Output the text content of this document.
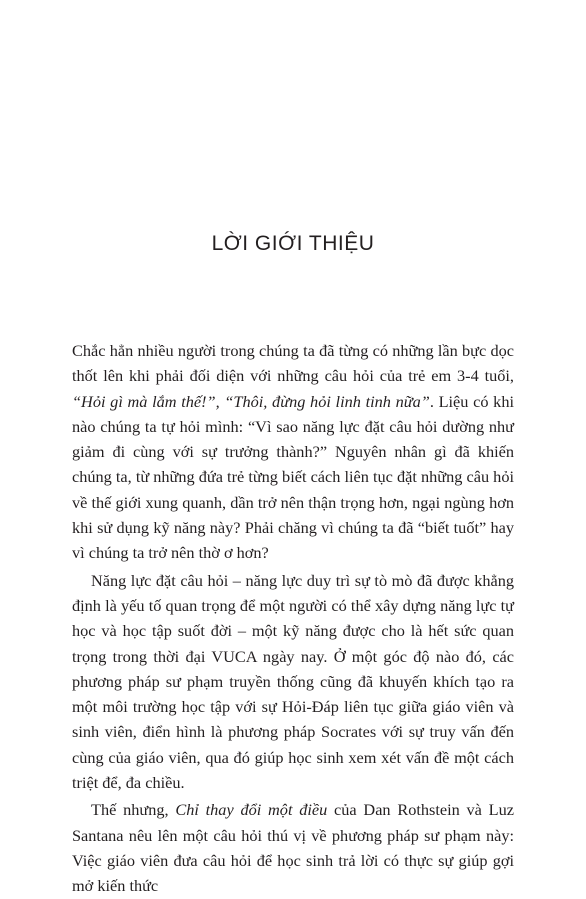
LỜI GIỚI THIỆU

Chắc hẳn nhiều người trong chúng ta đã từng có những lần bực dọc thốt lên khi phải đối diện với những câu hỏi của trẻ em 3-4 tuổi, “Hỏi gì mà lắm thế!”, “Thôi, đừng hỏi linh tinh nữa”. Liệu có khi nào chúng ta tự hỏi mình: “Vì sao năng lực đặt câu hỏi dường như giảm đi cùng với sự trưởng thành?” Nguyên nhân gì đã khiến chúng ta, từ những đứa trẻ từng biết cách liên tục đặt những câu hỏi về thế giới xung quanh, dần trở nên thận trọng hơn, ngại ngùng hơn khi sử dụng kỹ năng này? Phải chăng vì chúng ta đã “biết tuốt” hay vì chúng ta trở nên thờ ơ hơn?

Năng lực đặt câu hỏi – năng lực duy trì sự tò mò đã được khẳng định là yếu tố quan trọng để một người có thể xây dựng năng lực tự học và học tập suốt đời – một kỹ năng được cho là hết sức quan trọng trong thời đại VUCA ngày nay. Ở một góc độ nào đó, các phương pháp sư phạm truyền thống cũng đã khuyến khích tạo ra một môi trường học tập với sự Hỏi-Đáp liên tục giữa giáo viên và sinh viên, điển hình là phương pháp Socrates với sự truy vấn đến cùng của giáo viên, qua đó giúp học sinh xem xét vấn đề một cách triệt để, đa chiều.

Thế nhưng, Chỉ thay đổi một điều của Dan Rothstein và Luz Santana nêu lên một câu hỏi thú vị về phương pháp sư phạm này: Việc giáo viên đưa câu hỏi để học sinh trả lời có thực sự giúp gợi mở kiến thức
